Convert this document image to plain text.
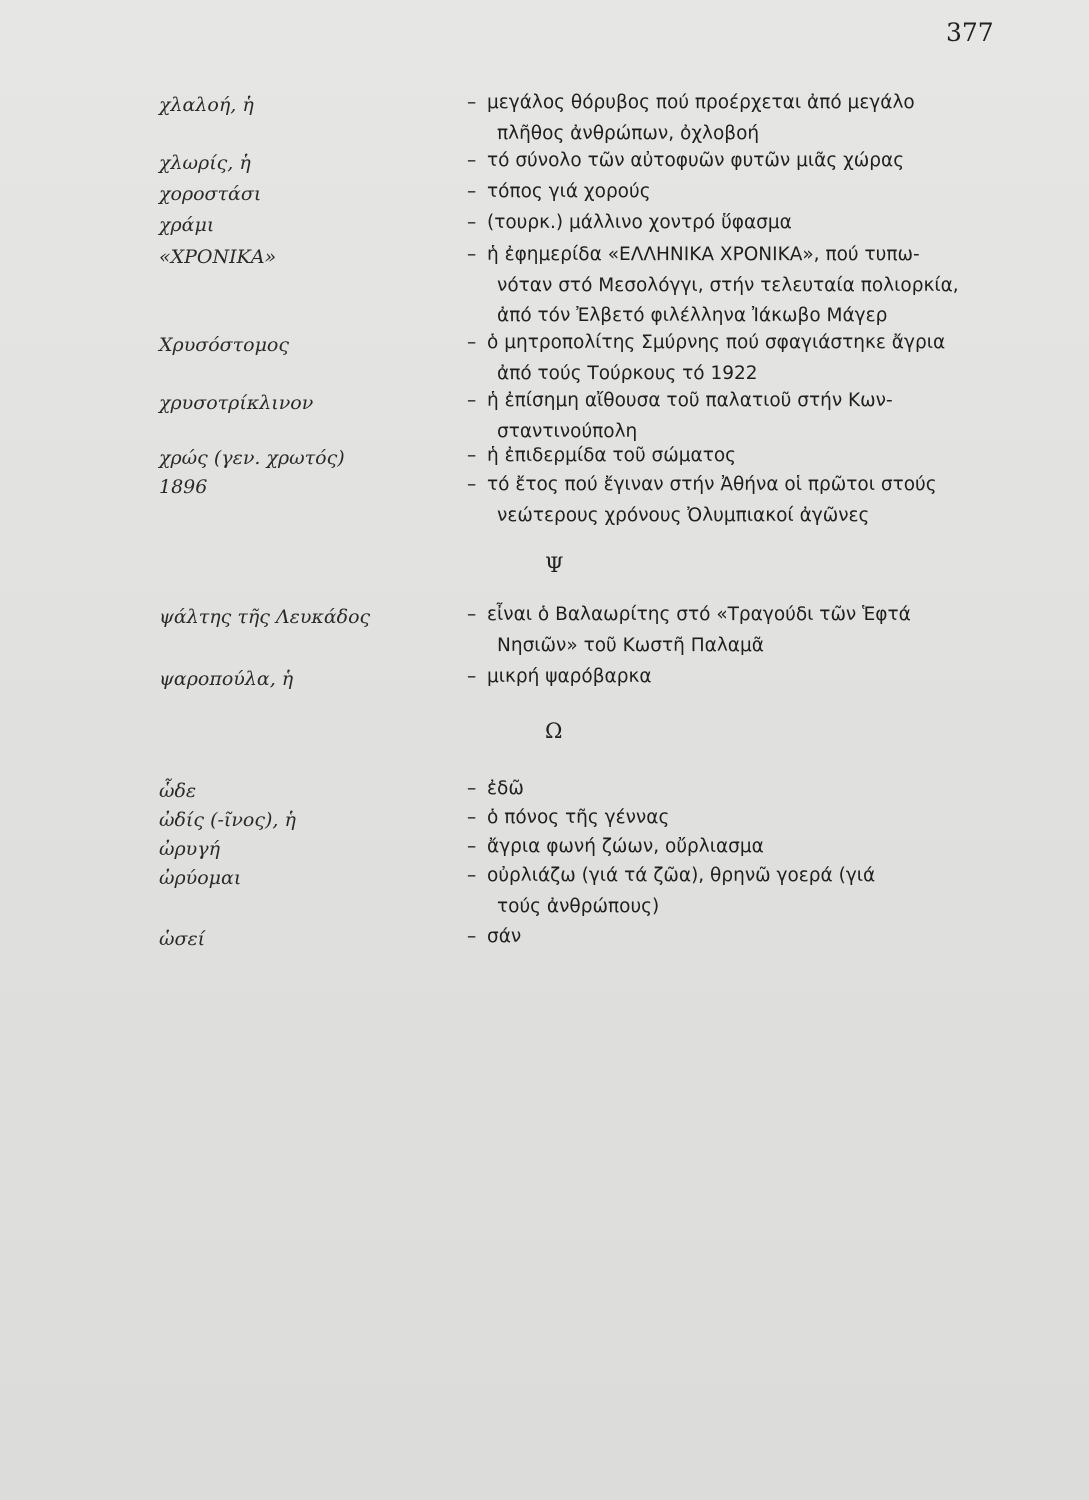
377
χλαλοή, ἡ	– μεγάλος θόρυβος πού προέρχεται ἀπό μεγάλο
πλῆθος ἀνθρώπων, ὀχλοβοή
χλωρίς, ἡ	– τό σύνολο τῶν αὐτοφυῶν φυτῶν μιᾶς χώρας
χοροστάσι	– τόπος γιά χορούς
χράμι	– (τουρκ.) μάλλινο χοντρό ὕφασμα
«ΧΡΟΝΙΚΑ»	– ἡ ἐφημερίδα «ΕΛΛΗΝΙΚΑ ΧΡΟΝΙΚΑ», πού τυπω-
νόταν στό Μεσολόγγι, στήν τελευταία πολιορκία,
ἀπό τόν Ἐλβετό φιλέλληνα Ἰάκωβο Μάγερ
Χρυσόστομος	– ὁ μητροπολίτης Σμύρνης πού σφαγιάστηκε ἄγρια
ἀπό τούς Τούρκους τό 1922
χρυσοτρίκλινον	– ἡ ἐπίσημη αἴθουσα τοῦ παλατιοῦ στήν Κων-
σταντινούπολη
χρώς (γεν. χρωτός)	– ἡ ἐπιδερμίδα τοῦ σώματος
1896	– τό ἔτος πού ἔγιναν στήν Ἀθήνα οἱ πρῶτοι στούς
νεώτερους χρόνους Ὀλυμπιακοί ἀγῶνες
Ψ
ψάλτης τῆς Λευκάδος	– εἶναι ὁ Βαλαωρίτης στό «Τραγούδι τῶν Ἑφτά
Νησιῶν» τοῦ Κωστῆ Παλαμᾶ
ψαροπούλα, ἡ	– μικρή ψαρόβαρκα
Ω
ὧδε	– ἐδῶ
ὠδίς (-ῖνος), ἡ	– ὁ πόνος τῆς γέννας
ὠρυγή	– ἄγρια φωνή ζώων, οὔρλιασμα
ὠρύομαι	– οὐρλιάζω (γιά τά ζῶα), θρηνῶ γοερά (γιά
τούς ἀνθρώπους)
ὡσεί	– σάν
